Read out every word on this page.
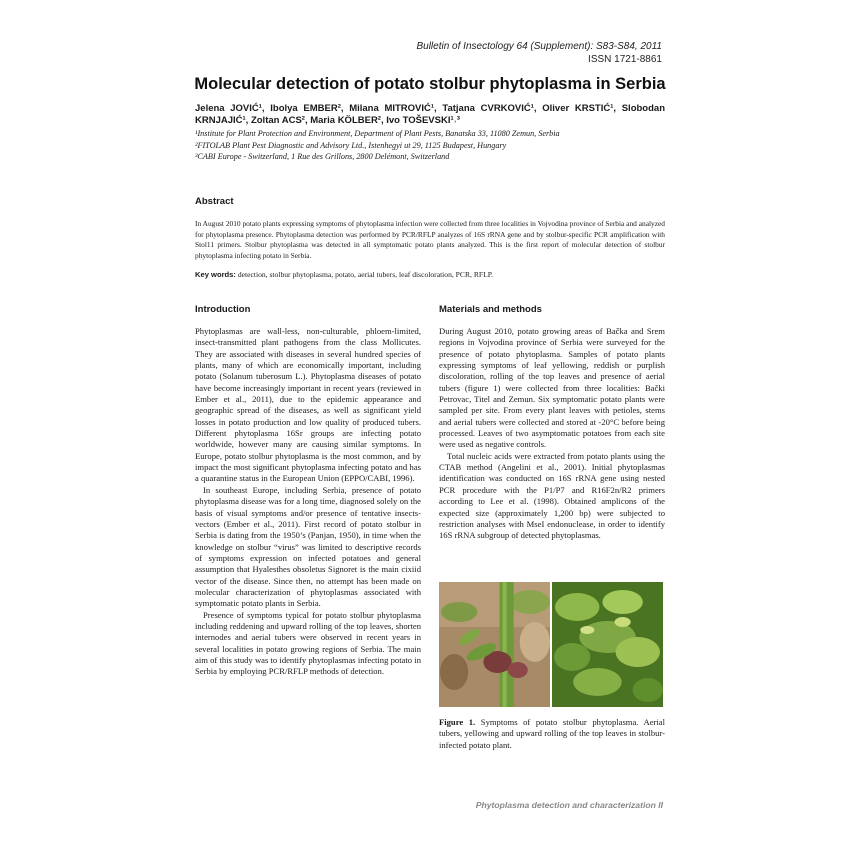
Bulletin of Insectology 64 (Supplement): S83-S84, 2011
ISSN 1721-8861
Molecular detection of potato stolbur phytoplasma in Serbia
Jelena JOVIĆ¹, Ibolya EMBER², Milana MITROVIĆ¹, Tatjana CVRKOVIĆ¹, Oliver KRSTIĆ¹, Slobodan KRNJAJIĆ¹, Zoltan ACS², Maria KÖLBER², Ivo TOŠEVSKI¹˒³
¹Institute for Plant Protection and Environment, Department of Plant Pests, Banatska 33, 11080 Zemun, Serbia
²FITOLAB Plant Pest Diagnostic and Advisory Ltd., Istenhegyi ut 29, 1125 Budapest, Hungary
³CABI Europe - Switzerland, 1 Rue des Grillons, 2800 Delémont, Switzerland
Abstract
In August 2010 potato plants expressing symptoms of phytoplasma infection were collected from three localities in Vojvodina province of Serbia and analyzed for phytoplasma presence. Phytoplasma detection was performed by PCR/RFLP analyzes of 16S rRNA gene and by stolbur-specific PCR amplification with Stol11 primers. Stolbur phytoplasma was detected in all symptomatic potato plants analyzed. This is the first report of molecular detection of stolbur phytoplasma infecting potato in Serbia.
Key words: detection, stolbur phytoplasma, potato, aerial tubers, leaf discoloration, PCR, RFLP.
Introduction	Materials and methods

Phytoplasmas are wall-less, non-culturable, phloem-limited, insect-transmitted plant pathogens from the class Mollicutes. They are associated with diseases in several hundred species of plants, many of which are economically important, including potato (Solanum tuberosum L.). Phytoplasma diseases of potato have become increasingly important in recent years (reviewed in Ember et al., 2011), due to the epidemic appearance and geographic spread of the diseases, as well as significant yield losses in potato production and low quality of produced tubers. Different phytoplasma 16Sr groups are infecting potato worldwide, however many are causing similar symptoms. In Europe, potato stolbur phytoplasma is the most common, and by impact the most significant phytoplasma infecting potato and has a quarantine status in the European Union (EPPO/CABI, 1996).

In southeast Europe, including Serbia, presence of potato phytoplasma disease was for a long time, diagnosed solely on the basis of visual symptoms and/or presence of tentative insects-vectors (Ember et al., 2011). First record of potato stolbur in Serbia is dating from the 1950’s (Panjan, 1950), in time when the knowledge on stolbur “virus” was limited to descriptive records of symptoms expression on infected potatoes and general assumption that Hyalesthes obsoletus Signoret is the main cixiid vector of the disease. Since then, no attempt has been made on molecular characterization of phytoplasmas associated with symptomatic potato plants in Serbia.

Presence of symptoms typical for potato stolbur phytoplasma including reddening and upward rolling of the top leaves, shorten internodes and aerial tubers were observed in recent years in several localities in potato growing regions of Serbia. The main aim of this study was to identify phytoplasmas infecting potato in Serbia by employing PCR/RFLP methods of detection.

During August 2010, potato growing areas of Bačka and Srem regions in Vojvodina province of Serbia were surveyed for the presence of potato phytoplasma. Samples of potato plants expressing symptoms of leaf yellowing, reddish or purplish discoloration, rolling of the top leaves and presence of aerial tubers (figure 1) were collected from three localities: Bački Petrovac, Titel and Zemun. Six symptomatic potato plants were sampled per site. From every plant leaves with petioles, stems and aerial tubers were collected and stored at -20°C before being processed. Leaves of two asymptomatic potatoes from each site were used as negative controls.

Total nucleic acids were extracted from potato plants using the CTAB method (Angelini et al., 2001). Initial phytoplasmas identification was conducted on 16S rRNA gene using nested PCR procedure with the P1/P7 and R16F2n/R2 primers according to Lee et al. (1998). Obtained amplicons of the expected size (approximately 1,200 bp) were subjected to restriction analyses with MseI endonuclease, in order to identify 16S rRNA subgroup of detected phytoplasmas.

Figure 1. Symptoms of potato stolbur phytoplasma. Aerial tubers, yellowing and upward rolling of the top leaves in stolbur-infected potato plant.
Phytoplasma detection and characterization II
